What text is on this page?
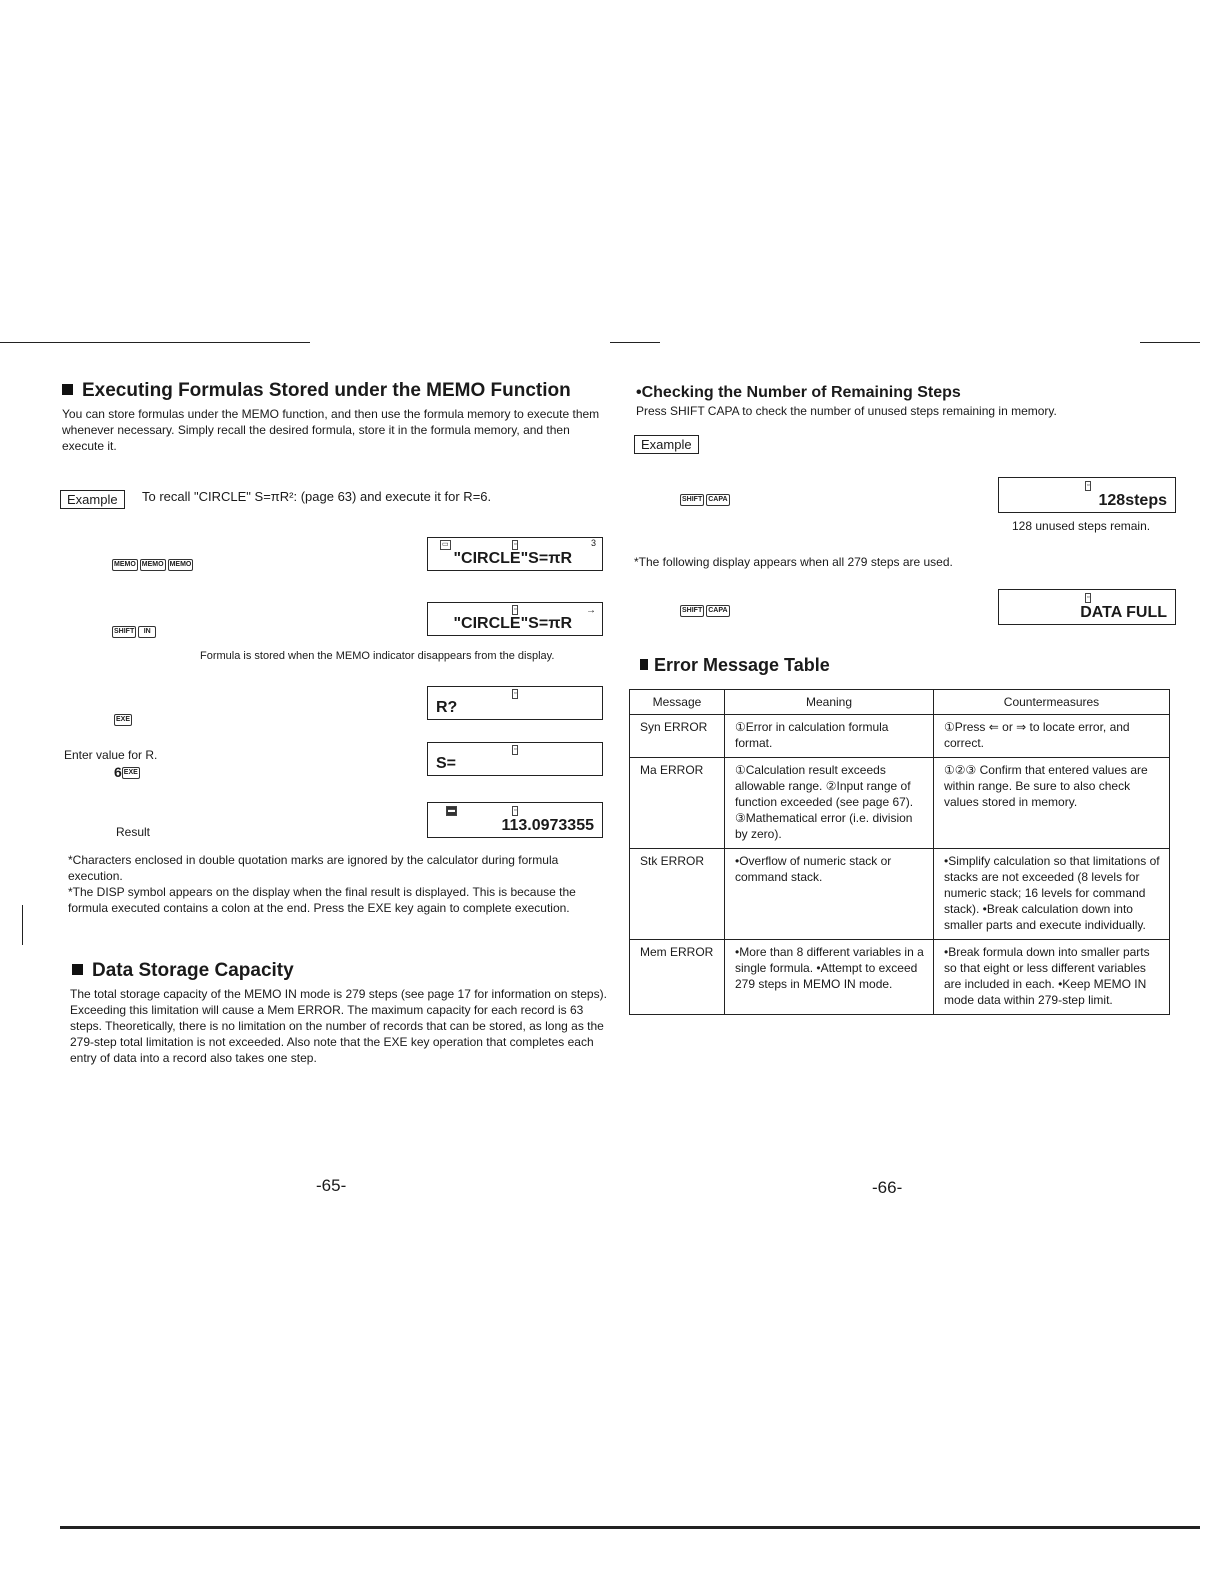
Executing Formulas Stored under the MEMO Function
You can store formulas under the MEMO function, and then use the formula memory to execute them whenever necessary. Simply recall the desired formula, store it in the formula memory, and then execute it.
Example	To recall "CIRCLE" S=πR²: (page 63) and execute it for R=6.
MEMO MEMO MEMO
▭	▫	3
"CIRCLE"S=πR
SHIFT IN
▫	→
"CIRCLE"S=πR
Formula is stored when the MEMO indicator disappears from the display.
EXE
▫
R?
Enter value for R.
6 EXE
▫
S=
Result
▬	▫
113.0973355
*Characters enclosed in double quotation marks are ignored by the calculator during formula execution.
*The DISP symbol appears on the display when the final result is displayed. This is because the formula executed contains a colon at the end. Press the EXE key again to complete execution.
Data Storage Capacity
The total storage capacity of the MEMO IN mode is 279 steps (see page 17 for information on steps). Exceeding this limitation will cause a Mem ERROR. The maximum capacity for each record is 63 steps. Theoretically, there is no limitation on the number of records that can be stored, as long as the 279-step total limitation is not exceeded. Also note that the EXE key operation that completes each entry of data into a record also takes one step.
-65-
•Checking the Number of Remaining Steps
Press SHIFT CAPA to check the number of unused steps remaining in memory.
Example
SHIFT CAPA
▫
128steps
128 unused steps remain.
*The following display appears when all 279 steps are used.
SHIFT CAPA
▫
DATA FULL
Error Message Table
Message	Meaning	Countermeasures
Syn ERROR	①Error in calculation formula format.	①Press ⇐ or ⇒ to locate error, and correct.
Ma ERROR	①Calculation result exceeds allowable range. ②Input range of function exceeded (see page 67). ③Mathematical error (i.e. division by zero).	①②③ Confirm that entered values are within range. Be sure to also check values stored in memory.
Stk ERROR	•Overflow of numeric stack or command stack.	•Simplify calculation so that limitations of stacks are not exceeded (8 levels for numeric stack; 16 levels for command stack). •Break calculation down into smaller parts and execute individually.
Mem ERROR	•More than 8 different variables in a single formula. •Attempt to exceed 279 steps in MEMO IN mode.	•Break formula down into smaller parts so that eight or less different variables are included in each. •Keep MEMO IN mode data within 279-step limit.
-66-
